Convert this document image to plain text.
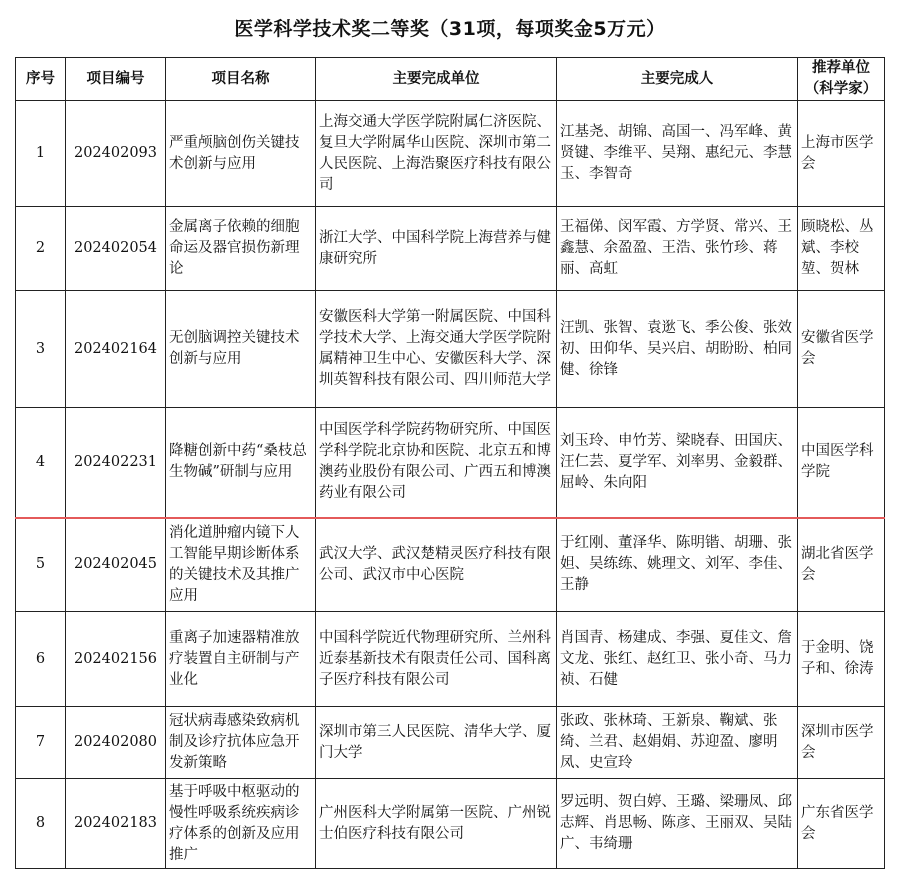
医学科学技术奖二等奖（31项，每项奖金5万元）
序号	项目编号	项目名称	主要完成单位	主要完成人	推荐单位（科学家）
1	202402093	严重颅脑创伤关键技术创新与应用	上海交通大学医学院附属仁济医院、复旦大学附属华山医院、深圳市第二人民医院、上海浩聚医疗科技有限公司	江基尧、胡锦、高国一、冯军峰、黄贤键、李维平、吴翔、惠纪元、李慧玉、李智奇	上海市医学会
2	202402054	金属离子依赖的细胞命运及器官损伤新理论	浙江大学、中国科学院上海营养与健康研究所	王福俤、闵军霞、方学贤、常兴、王鑫慧、余盈盈、王浩、张竹珍、蒋丽、高虹	顾晓松、丛斌、李校堃、贺林
3	202402164	无创脑调控关键技术创新与应用	安徽医科大学第一附属医院、中国科学技术大学、上海交通大学医学院附属精神卫生中心、安徽医科大学、深圳英智科技有限公司、四川师范大学	汪凯、张智、袁逖飞、季公俊、张效初、田仰华、吴兴启、胡盼盼、柏同健、徐锋	安徽省医学会
4	202402231	降糖创新中药“桑枝总生物碱”研制与应用	中国医学科学院药物研究所、中国医学科学院北京协和医院、北京五和博澳药业股份有限公司、广西五和博澳药业有限公司	刘玉玲、申竹芳、梁晓春、田国庆、汪仁芸、夏学军、刘率男、金毅群、屈岭、朱向阳	中国医学科学院
5	202402045	消化道肿瘤内镜下人工智能早期诊断体系的关键技术及其推广应用	武汉大学、武汉楚精灵医疗科技有限公司、武汉市中心医院	于红刚、董泽华、陈明锴、胡珊、张妲、吴练练、姚理文、刘军、李佳、王静	湖北省医学会
6	202402156	重离子加速器精准放疗装置自主研制与产业化	中国科学院近代物理研究所、兰州科近泰基新技术有限责任公司、国科离子医疗科技有限公司	肖国青、杨建成、李强、夏佳文、詹文龙、张红、赵红卫、张小奇、马力祯、石健	于金明、饶子和、徐涛
7	202402080	冠状病毒感染致病机制及诊疗抗体应急开发新策略	深圳市第三人民医院、清华大学、厦门大学	张政、张林琦、王新泉、鞠斌、张绮、兰君、赵娟娟、苏迎盈、廖明凤、史宣玲	深圳市医学会
8	202402183	基于呼吸中枢驱动的慢性呼吸系统疾病诊疗体系的创新及应用推广	广州医科大学附属第一医院、广州锐士伯医疗科技有限公司	罗远明、贺白婷、王璐、梁珊凤、邱志辉、肖思畅、陈彦、王丽双、吴陆广、韦绮珊	广东省医学会
